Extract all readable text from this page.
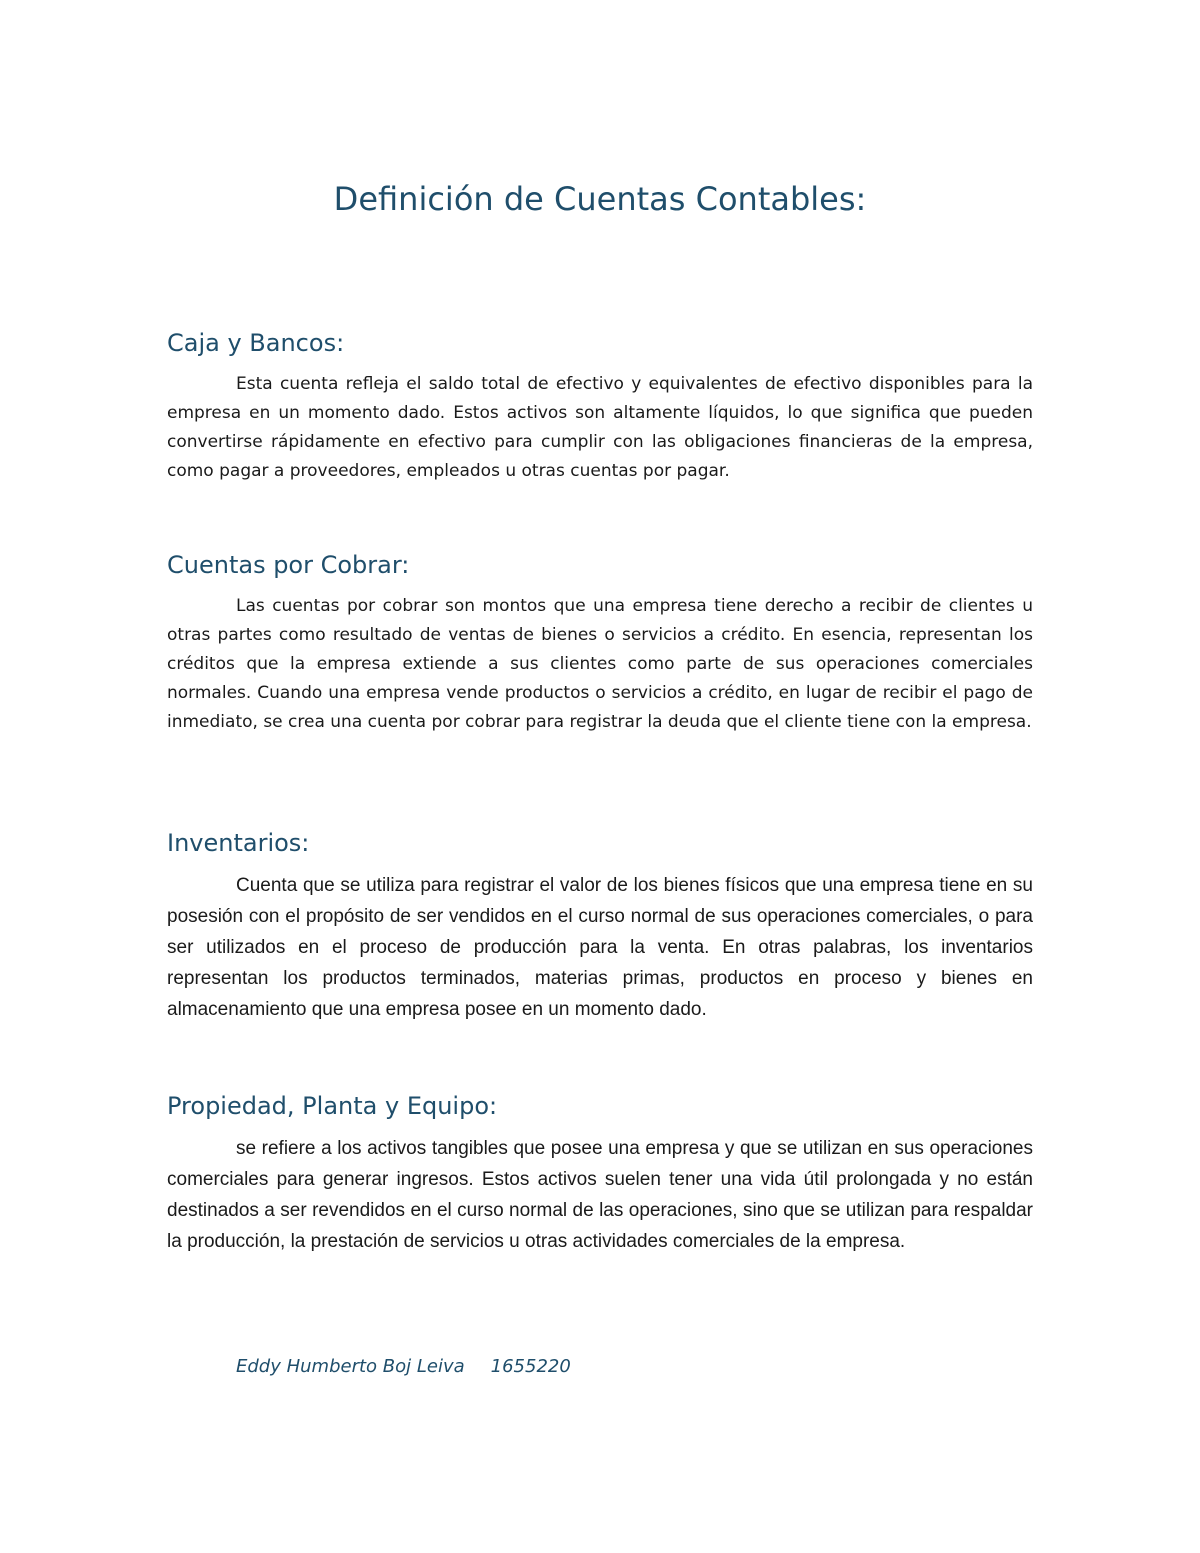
Definición de Cuentas Contables:
Caja y Bancos:

Esta cuenta refleja el saldo total de efectivo y equivalentes de efectivo disponibles para la empresa en un momento dado. Estos activos son altamente líquidos, lo que significa que pueden convertirse rápidamente en efectivo para cumplir con las obligaciones financieras de la empresa, como pagar a proveedores, empleados u otras cuentas por pagar.

Cuentas por Cobrar:

Las cuentas por cobrar son montos que una empresa tiene derecho a recibir de clientes u otras partes como resultado de ventas de bienes o servicios a crédito. En esencia, representan los créditos que la empresa extiende a sus clientes como parte de sus operaciones comerciales normales. Cuando una empresa vende productos o servicios a crédito, en lugar de recibir el pago de inmediato, se crea una cuenta por cobrar para registrar la deuda que el cliente tiene con la empresa.

Inventarios:

Cuenta que se utiliza para registrar el valor de los bienes físicos que una empresa tiene en su posesión con el propósito de ser vendidos en el curso normal de sus operaciones comerciales, o para ser utilizados en el proceso de producción para la venta. En otras palabras, los inventarios representan los productos terminados, materias primas, productos en proceso y bienes en almacenamiento que una empresa posee en un momento dado.

Propiedad, Planta y Equipo:

se refiere a los activos tangibles que posee una empresa y que se utilizan en sus operaciones comerciales para generar ingresos. Estos activos suelen tener una vida útil prolongada y no están destinados a ser revendidos en el curso normal de las operaciones, sino que se utilizan para respaldar la producción, la prestación de servicios u otras actividades comerciales de la empresa.

Eddy Humberto Boj Leiva 1655220
